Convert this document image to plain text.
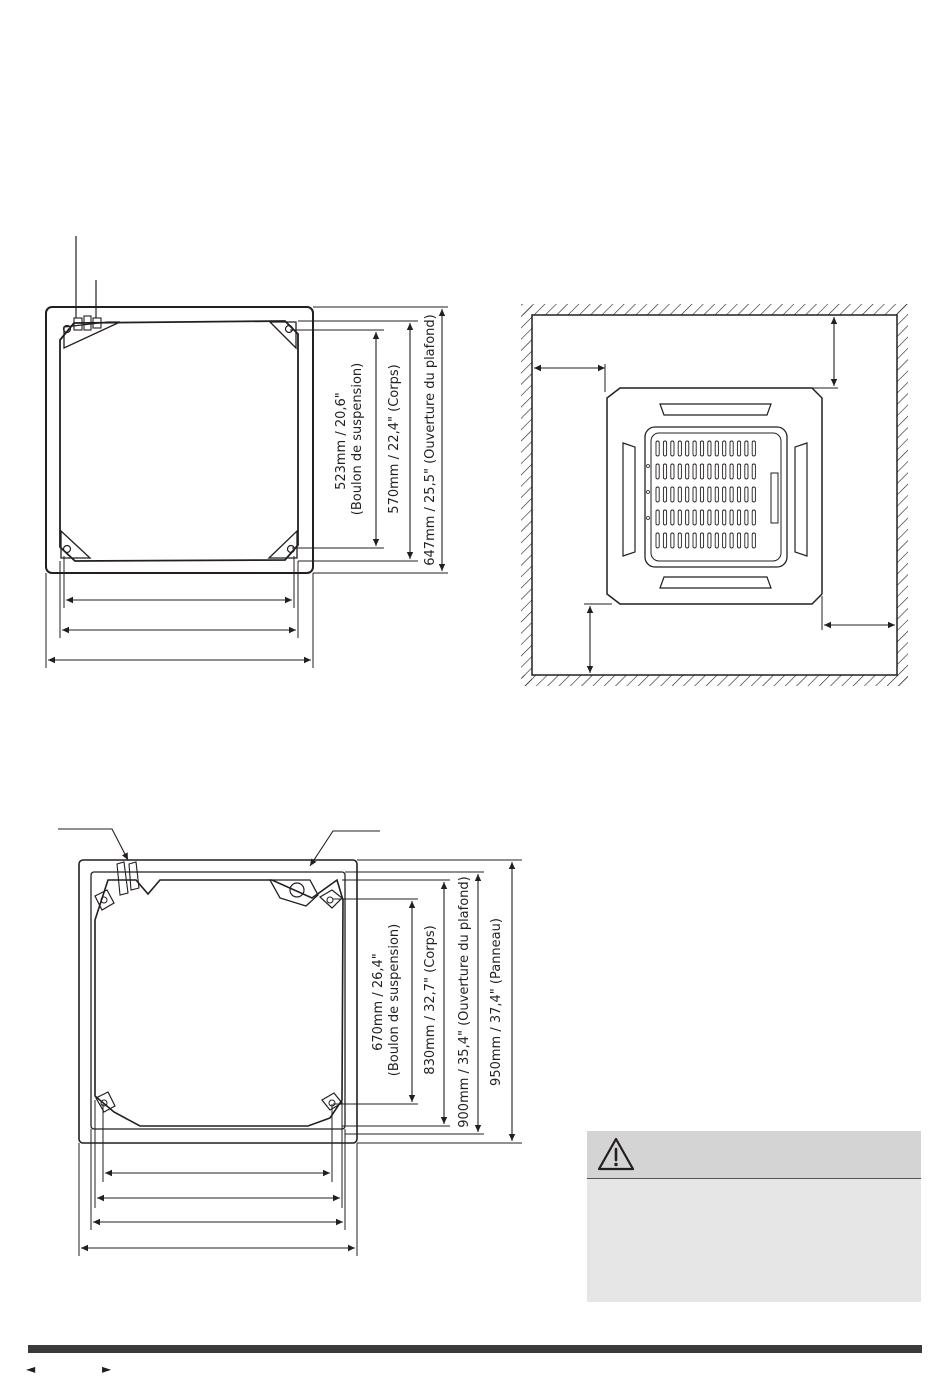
523mm / 20,6" (Boulon de suspension) 570mm / 22,4" (Corps) 647mm / 25,5" (Ouverture du plafond)
670mm / 26,4" (Boulon de suspension) 830mm / 32,7" (Corps) 900mm / 35,4" (Ouverture du plafond) 950mm / 37,4" (Panneau)
◄	►
